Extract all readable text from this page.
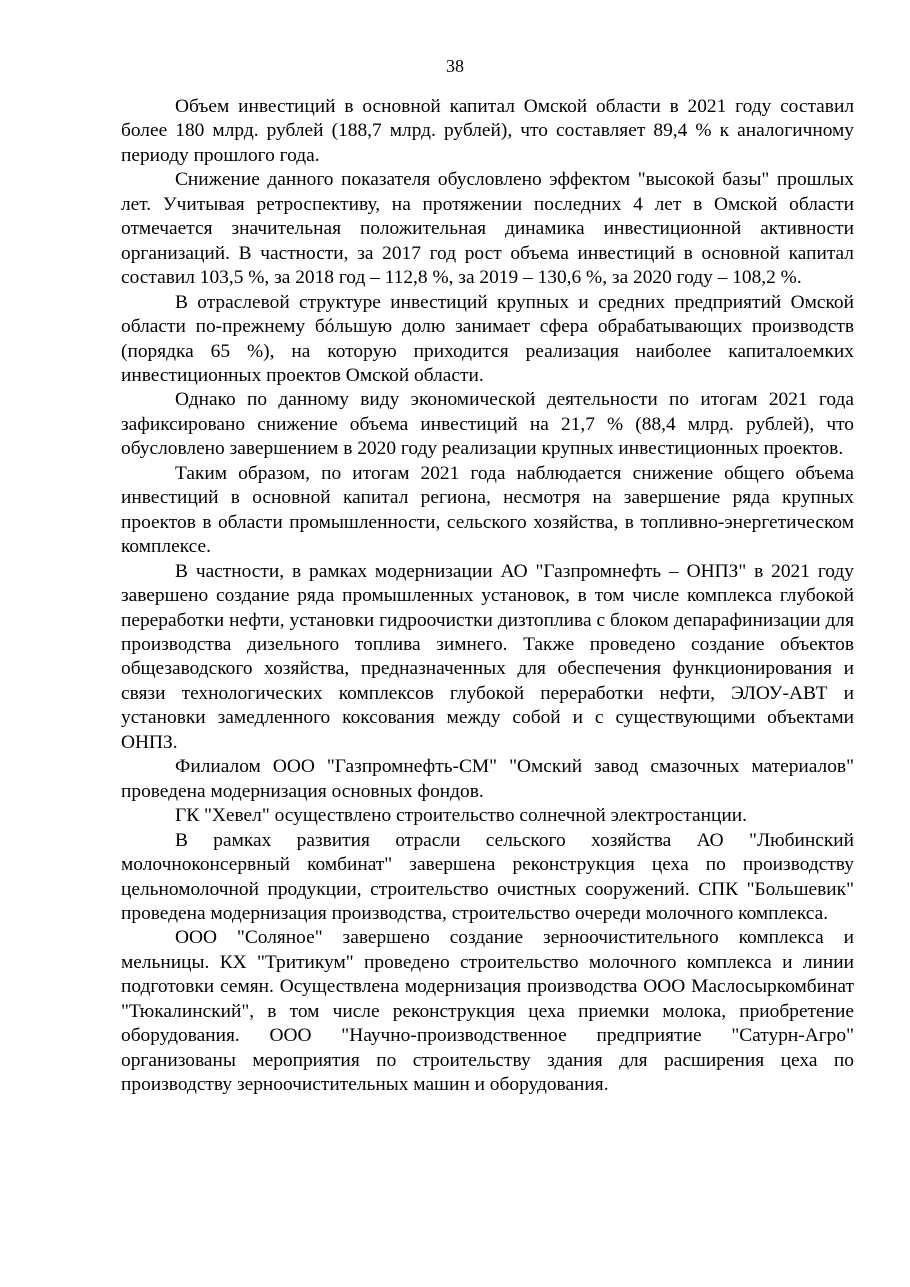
38

Объем инвестиций в основной капитал Омской области в 2021 году составил более 180 млрд. рублей (188,7 млрд. рублей), что составляет 89,4 % к аналогичному периоду прошлого года.

Снижение данного показателя обусловлено эффектом "высокой базы" прошлых лет. Учитывая ретроспективу, на протяжении последних 4 лет в Омской области отмечается значительная положительная динамика инвестиционной активности организаций. В частности, за 2017 год рост объема инвестиций в основной капитал составил 103,5 %, за 2018 год – 112,8 %, за 2019 – 130,6 %, за 2020 году – 108,2 %.

В отраслевой структуре инвестиций крупных и средних предприятий Омской области по-прежнему бóльшую долю занимает сфера обрабатывающих производств (порядка 65 %), на которую приходится реализация наиболее капиталоемких инвестиционных проектов Омской области.

Однако по данному виду экономической деятельности по итогам 2021 года зафиксировано снижение объема инвестиций на 21,7 % (88,4 млрд. рублей), что обусловлено завершением в 2020 году реализации крупных инвестиционных проектов.

Таким образом, по итогам 2021 года наблюдается снижение общего объема инвестиций в основной капитал региона, несмотря на завершение ряда крупных проектов в области промышленности, сельского хозяйства, в топливно-энергетическом комплексе.

В частности, в рамках модернизации АО "Газпромнефть – ОНПЗ" в 2021 году завершено создание ряда промышленных установок, в том числе комплекса глубокой переработки нефти, установки гидроочистки дизтоплива с блоком депарафинизации для производства дизельного топлива зимнего. Также проведено создание объектов общезаводского хозяйства, предназначенных для обеспечения функционирования и связи технологических комплексов глубокой переработки нефти, ЭЛОУ-АВТ и установки замедленного коксования между собой и с существующими объектами ОНПЗ.

Филиалом ООО "Газпромнефть-СМ" "Омский завод смазочных материалов" проведена модернизация основных фондов.

ГК "Хевел" осуществлено строительство солнечной электростанции.

В рамках развития отрасли сельского хозяйства АО "Любинский молочноконсервный комбинат" завершена реконструкция цеха по производству цельномолочной продукции, строительство очистных сооружений. СПК "Большевик" проведена модернизация производства, строительство очереди молочного комплекса.

ООО "Соляное" завершено создание зерноочистительного комплекса и мельницы. КХ "Тритикум" проведено строительство молочного комплекса и линии подготовки семян. Осуществлена модернизация производства ООО Маслосыркомбинат "Тюкалинский", в том числе реконструкция цеха приемки молока, приобретение оборудования. ООО "Научно-производственное предприятие "Сатурн-Агро" организованы мероприятия по строительству здания для расширения цеха по производству зерноочистительных машин и оборудования.
